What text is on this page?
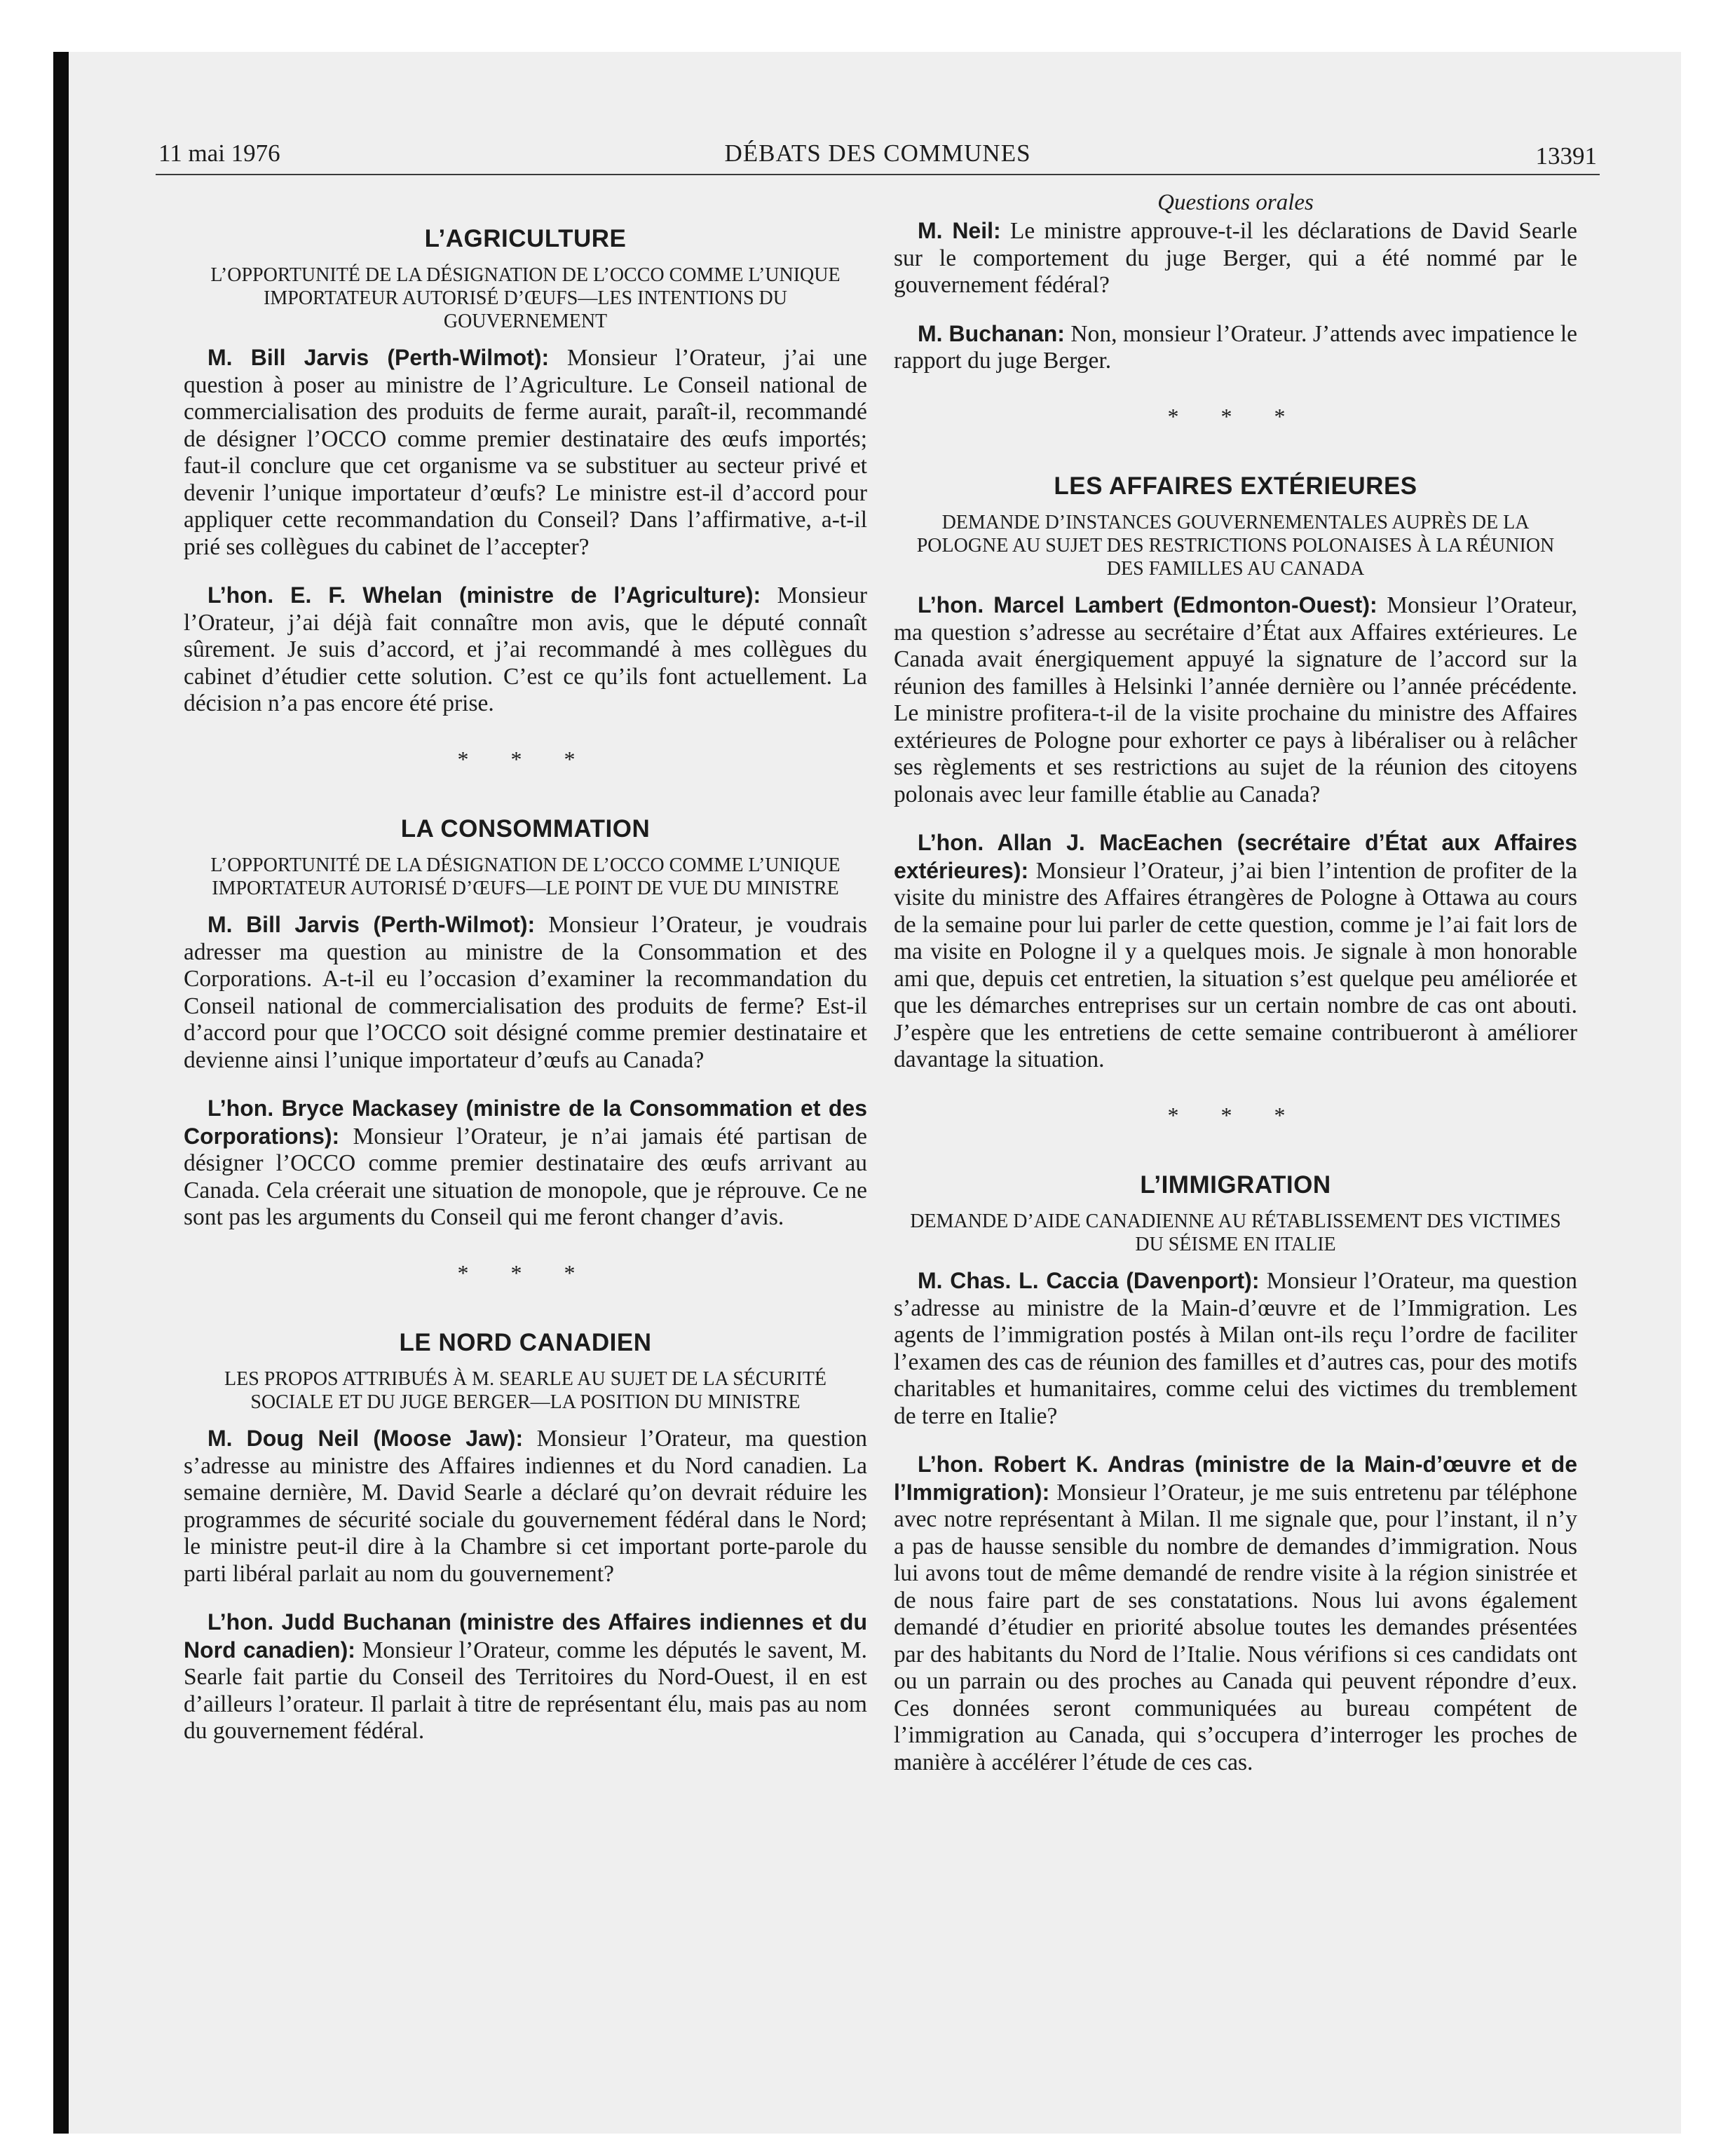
11 mai 1976	DÉBATS DES COMMUNES	13391
L’AGRICULTURE
L’OPPORTUNITÉ DE LA DÉSIGNATION DE L’OCCO COMME L’UNIQUE IMPORTATEUR AUTORISÉ D’ŒUFS—LES INTENTIONS DU GOUVERNEMENT

M. Bill Jarvis (Perth-Wilmot): Monsieur l’Orateur, j’ai une question à poser au ministre de l’Agriculture. Le Conseil national de commercialisation des produits de ferme aurait, paraît-il, recommandé de désigner l’OCCO comme premier destinataire des œufs importés; faut-il conclure que cet organisme va se substituer au secteur privé et devenir l’unique importateur d’œufs? Le ministre est-il d’accord pour appliquer cette recommandation du Conseil? Dans l’affirmative, a-t-il prié ses collègues du cabinet de l’accepter?

L’hon. E. F. Whelan (ministre de l’Agriculture): Monsieur l’Orateur, j’ai déjà fait connaître mon avis, que le député connaît sûrement. Je suis d’accord, et j’ai recommandé à mes collègues du cabinet d’étudier cette solution. C’est ce qu’ils font actuellement. La décision n’a pas encore été prise.

* * *
LA CONSOMMATION
L’OPPORTUNITÉ DE LA DÉSIGNATION DE L’OCCO COMME L’UNIQUE IMPORTATEUR AUTORISÉ D’ŒUFS—LE POINT DE VUE DU MINISTRE

M. Bill Jarvis (Perth-Wilmot): Monsieur l’Orateur, je voudrais adresser ma question au ministre de la Consommation et des Corporations. A-t-il eu l’occasion d’examiner la recommandation du Conseil national de commercialisation des produits de ferme? Est-il d’accord pour que l’OCCO soit désigné comme premier destinataire et devienne ainsi l’unique importateur d’œufs au Canada?

L’hon. Bryce Mackasey (ministre de la Consommation et des Corporations): Monsieur l’Orateur, je n’ai jamais été partisan de désigner l’OCCO comme premier destinataire des œufs arrivant au Canada. Cela créerait une situation de monopole, que je réprouve. Ce ne sont pas les arguments du Conseil qui me feront changer d’avis.

* * *
LE NORD CANADIEN
LES PROPOS ATTRIBUÉS À M. SEARLE AU SUJET DE LA SÉCURITÉ SOCIALE ET DU JUGE BERGER—LA POSITION DU MINISTRE

M. Doug Neil (Moose Jaw): Monsieur l’Orateur, ma question s’adresse au ministre des Affaires indiennes et du Nord canadien. La semaine dernière, M. David Searle a déclaré qu’on devrait réduire les programmes de sécurité sociale du gouvernement fédéral dans le Nord; le ministre peut-il dire à la Chambre si cet important porte-parole du parti libéral parlait au nom du gouvernement?

L’hon. Judd Buchanan (ministre des Affaires indiennes et du Nord canadien): Monsieur l’Orateur, comme les députés le savent, M. Searle fait partie du Conseil des Territoires du Nord-Ouest, il en est d’ailleurs l’orateur. Il parlait à titre de représentant élu, mais pas au nom du gouvernement fédéral.

Questions orales

M. Neil: Le ministre approuve-t-il les déclarations de David Searle sur le comportement du juge Berger, qui a été nommé par le gouvernement fédéral?

M. Buchanan: Non, monsieur l’Orateur. J’attends avec impatience le rapport du juge Berger.

* * *
LES AFFAIRES EXTÉRIEURES
DEMANDE D’INSTANCES GOUVERNEMENTALES AUPRÈS DE LA POLOGNE AU SUJET DES RESTRICTIONS POLONAISES À LA RÉUNION DES FAMILLES AU CANADA

L’hon. Marcel Lambert (Edmonton-Ouest): Monsieur l’Orateur, ma question s’adresse au secrétaire d’État aux Affaires extérieures. Le Canada avait énergiquement appuyé la signature de l’accord sur la réunion des familles à Helsinki l’année dernière ou l’année précédente. Le ministre profitera-t-il de la visite prochaine du ministre des Affaires extérieures de Pologne pour exhorter ce pays à libéraliser ou à relâcher ses règlements et ses restrictions au sujet de la réunion des citoyens polonais avec leur famille établie au Canada?

L’hon. Allan J. MacEachen (secrétaire d’État aux Affaires extérieures): Monsieur l’Orateur, j’ai bien l’intention de profiter de la visite du ministre des Affaires étrangères de Pologne à Ottawa au cours de la semaine pour lui parler de cette question, comme je l’ai fait lors de ma visite en Pologne il y a quelques mois. Je signale à mon honorable ami que, depuis cet entretien, la situation s’est quelque peu améliorée et que les démarches entreprises sur un certain nombre de cas ont abouti. J’espère que les entretiens de cette semaine contribueront à améliorer davantage la situation.

* * *
L’IMMIGRATION
DEMANDE D’AIDE CANADIENNE AU RÉTABLISSEMENT DES VICTIMES DU SÉISME EN ITALIE

M. Chas. L. Caccia (Davenport): Monsieur l’Orateur, ma question s’adresse au ministre de la Main-d’œuvre et de l’Immigration. Les agents de l’immigration postés à Milan ont-ils reçu l’ordre de faciliter l’examen des cas de réunion des familles et d’autres cas, pour des motifs charitables et humanitaires, comme celui des victimes du tremblement de terre en Italie?

L’hon. Robert K. Andras (ministre de la Main-d’œuvre et de l’Immigration): Monsieur l’Orateur, je me suis entretenu par téléphone avec notre représentant à Milan. Il me signale que, pour l’instant, il n’y a pas de hausse sensible du nombre de demandes d’immigration. Nous lui avons tout de même demandé de rendre visite à la région sinistrée et de nous faire part de ses constatations. Nous lui avons également demandé d’étudier en priorité absolue toutes les demandes présentées par des habitants du Nord de l’Italie. Nous vérifions si ces candidats ont ou un parrain ou des proches au Canada qui peuvent répondre d’eux. Ces données seront communiquées au bureau compétent de l’immigration au Canada, qui s’occupera d’interroger les proches de manière à accélérer l’étude de ces cas.
